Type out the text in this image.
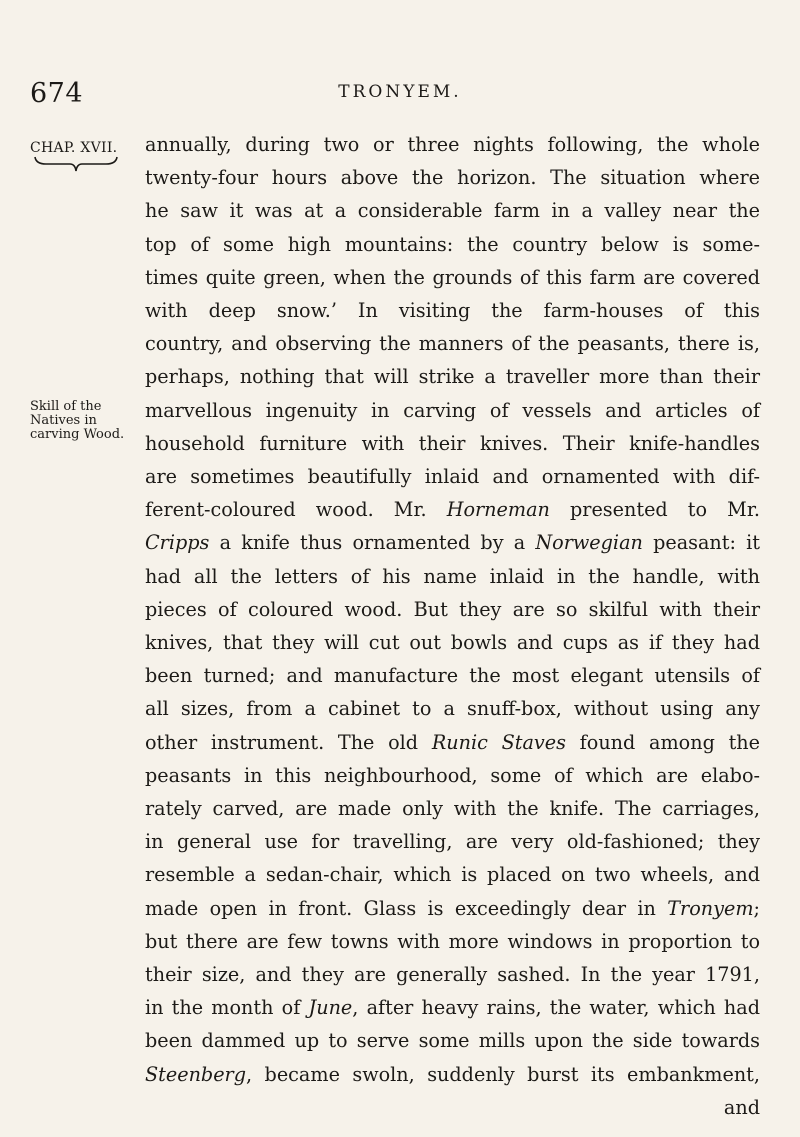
674	TRONYEM.
CHAP. XVII.
Skill of the
Natives in
carving Wood.
annually, during two or three nights following, the whole
twenty-four hours above the horizon. The situation where
he saw it was at a considerable farm in a valley near the
top of some high mountains: the country below is some-
times quite green, when the grounds of this farm are covered
with deep snow.’ In visiting the farm-houses of this
country, and observing the manners of the peasants, there is,
perhaps, nothing that will strike a traveller more than their
marvellous ingenuity in carving of vessels and articles of
household furniture with their knives. Their knife-handles
are sometimes beautifully inlaid and ornamented with dif-
ferent-coloured wood. Mr. Horneman presented to Mr.
Cripps a knife thus ornamented by a Norwegian peasant: it
had all the letters of his name inlaid in the handle, with
pieces of coloured wood. But they are so skilful with their
knives, that they will cut out bowls and cups as if they had
been turned; and manufacture the most elegant utensils of
all sizes, from a cabinet to a snuff-box, without using any
other instrument. The old Runic Staves found among the
peasants in this neighbourhood, some of which are elabo-
rately carved, are made only with the knife. The carriages,
in general use for travelling, are very old-fashioned; they
resemble a sedan-chair, which is placed on two wheels, and
made open in front. Glass is exceedingly dear in Tronyem;
but there are few towns with more windows in proportion to
their size, and they are generally sashed. In the year 1791,
in the month of June, after heavy rains, the water, which had
been dammed up to serve some mills upon the side towards
Steenberg, became swoln, suddenly burst its embankment,
and
